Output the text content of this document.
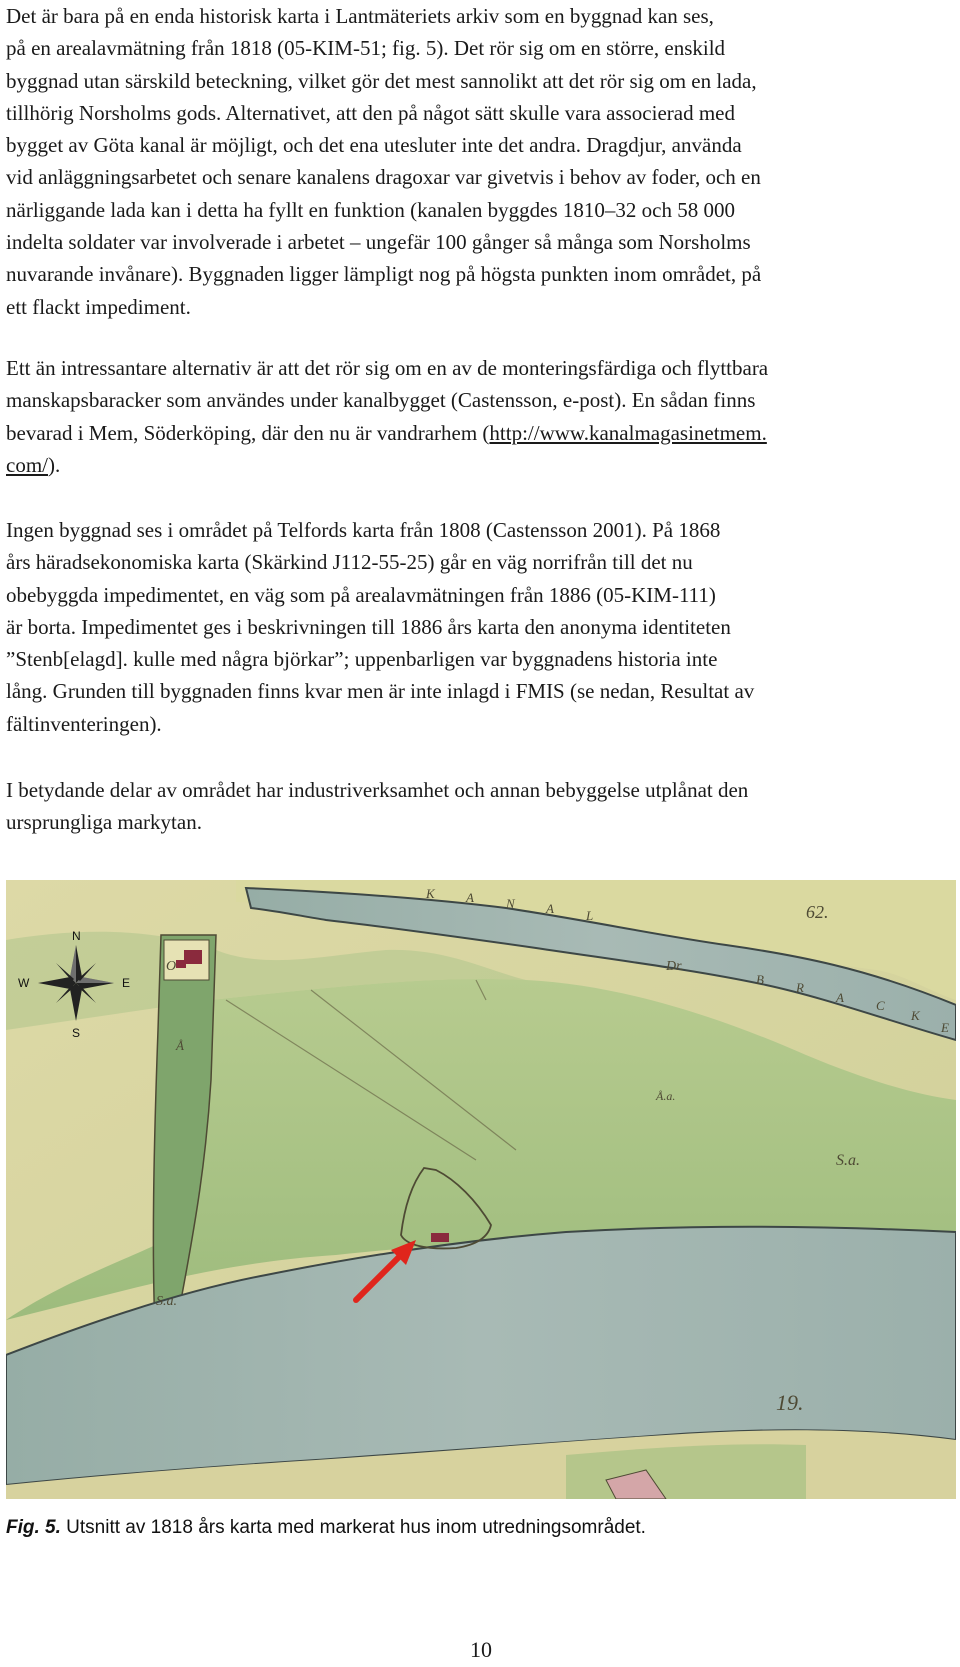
Det är bara på en enda historisk karta i Lantmäteriets arkiv som en byggnad kan ses,
på en arealavmätning från 1818 (05-KIM-51; fig. 5). Det rör sig om en större, enskild
byggnad utan särskild beteckning, vilket gör det mest sannolikt att det rör sig om en lada,
tillhörig Norsholms gods. Alternativet, att den på något sätt skulle vara associerad med
bygget av Göta kanal är möjligt, och det ena utesluter inte det andra. Dragdjur, använda
vid anläggningsarbetet och senare kanalens dragoxar var givetvis i behov av foder, och en
närliggande lada kan i detta ha fyllt en funktion (kanalen byggdes 1810–32 och 58 000
indelta soldater var involverade i arbetet – ungefär 100 gånger så många som Norsholms
nuvarande invånare). Byggnaden ligger lämpligt nog på högsta punkten inom området, på
ett flackt impediment.

Ett än intressantare alternativ är att det rör sig om en av de monteringsfärdiga och flyttbara
manskapsbaracker som användes under kanalbygget (Castensson, e-post). En sådan finns
bevarad i Mem, Söderköping, där den nu är vandrarhem (http://www.kanalmagasinetmem.
com/).

Ingen byggnad ses i området på Telfords karta från 1808 (Castensson 2001). På 1868
års häradsekonomiska karta (Skärkind J112-55-25) går en väg norrifrån till det nu
obebyggda impedimentet, en väg som på arealavmätningen från 1886 (05-KIM-111)
är borta. Impedimentet ges i beskrivningen till 1886 års karta den anonyma identiteten
”Stenb[elagd]. kulle med några björkar”; uppenbarligen var byggnadens historia inte
lång. Grunden till byggnaden finns kvar men är inte inlagd i FMIS (se nedan, Resultat av
fältinventeringen).

I betydande delar av området har industriverksamhet och annan bebyggelse utplånat den
ursprungliga markytan.

N
S
W	E
K A N A L	62.
Dr.
B
R
A
C
K
E
O
Å
Å.a.
S.a.
S.a.
19.
Fig. 5. Utsnitt av 1818 års karta med markerat hus inom utredningsområdet.
10
